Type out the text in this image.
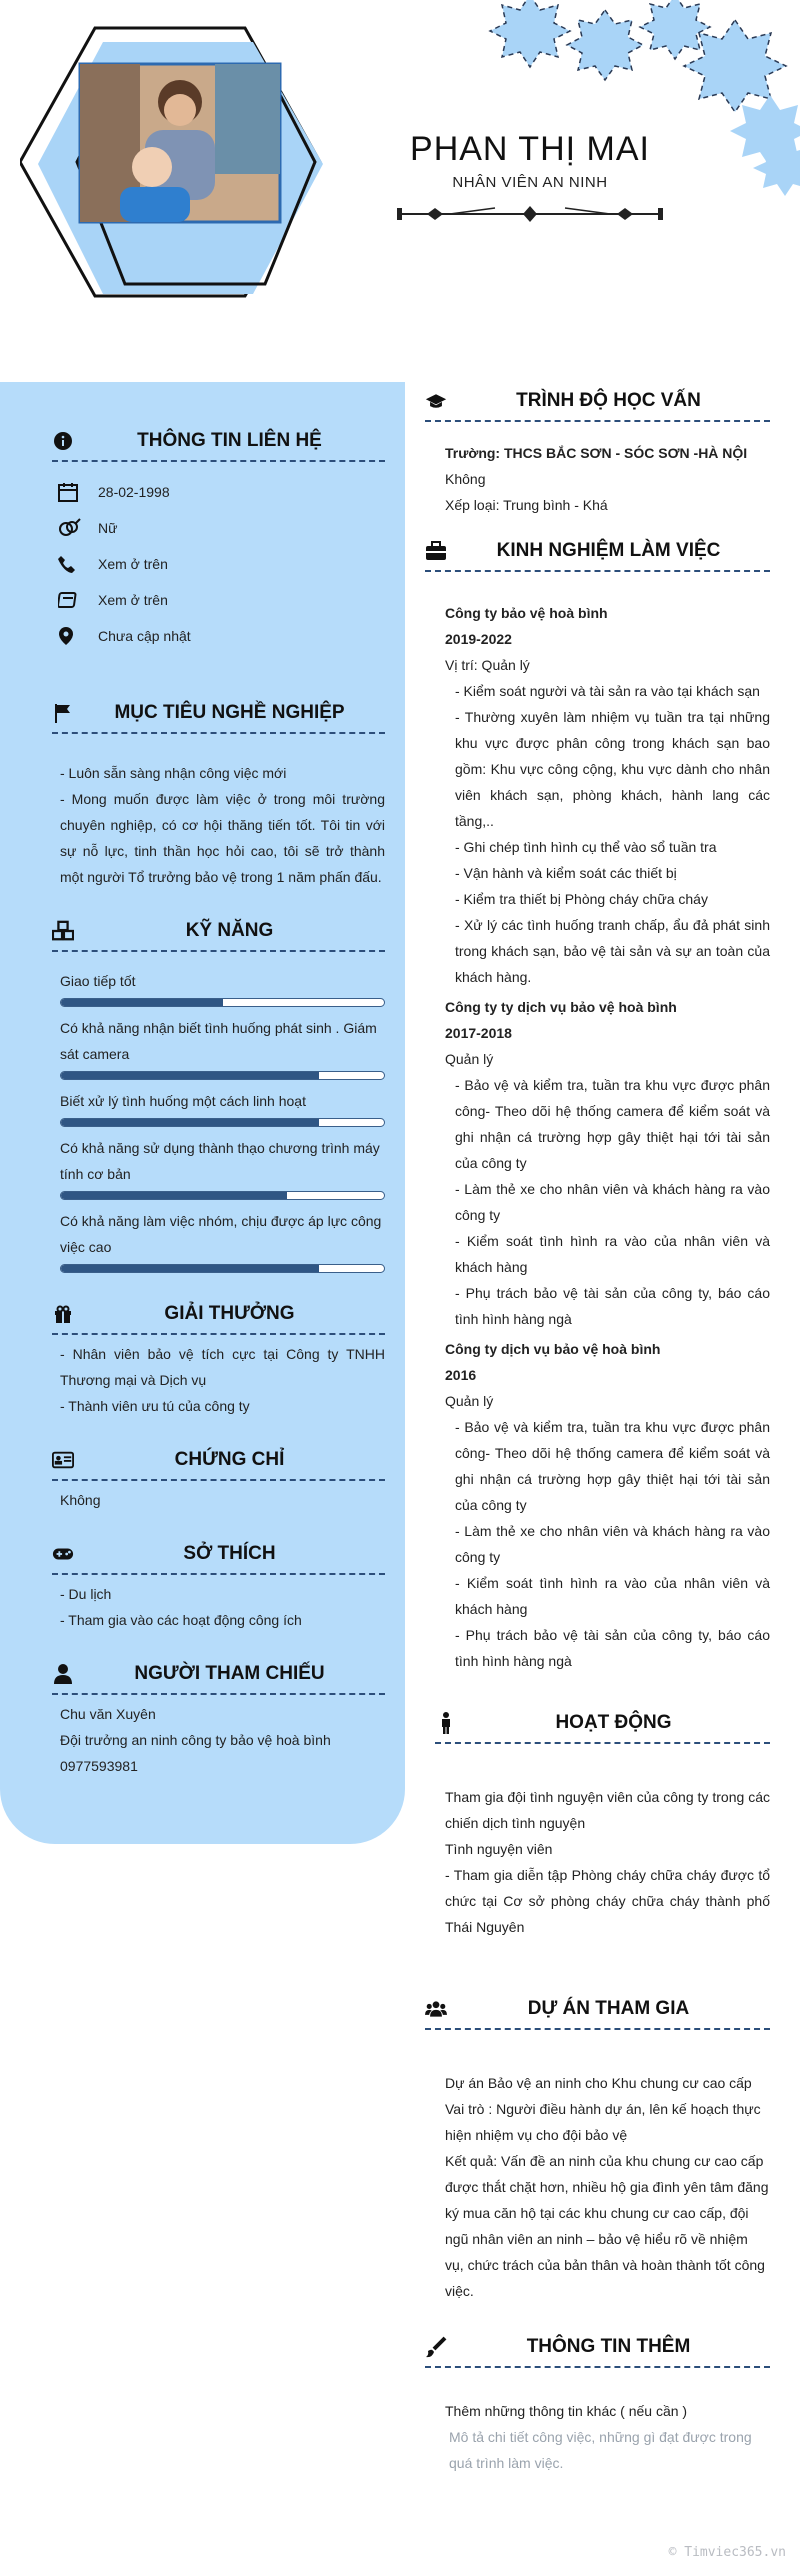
PHAN THỊ MAI
NHÂN VIÊN AN NINH
THÔNG TIN LIÊN HỆ
28-02-1998
Nữ
Xem ở trên
Xem ở trên
Chưa cập nhật
MỤC TIÊU NGHỀ NGHIỆP
- Luôn sẵn sàng nhận công việc mới
- Mong muốn được làm việc ở trong môi trường chuyên nghiệp, có cơ hội thăng tiến tốt. Tôi tin với sự nỗ lực, tinh thần học hỏi cao, tôi sẽ trở thành một người Tổ trưởng bảo vệ trong 1 năm phấn đấu.
KỸ NĂNG
Giao tiếp tốt
Có khả năng nhận biết tình huống phát sinh . Giám sát camera
Biết xử lý tình huống một cách linh hoạt
Có khả năng sử dụng thành thạo chương trình máy tính cơ bản
Có khả năng làm việc nhóm, chịu được áp lực công việc cao
GIẢI THƯỞNG
- Nhân viên bảo vệ tích cực tại Công ty TNHH Thương mại và Dịch vụ
- Thành viên ưu tú của công ty
CHỨNG CHỈ
Không
SỞ THÍCH
- Du lịch
- Tham gia vào các hoạt động công ích
NGƯỜI THAM CHIẾU
Chu văn Xuyên
Đội trưởng an ninh công ty bảo vệ hoà bình
0977593981
TRÌNH ĐỘ HỌC VẤN
Trường: THCS BẮC SƠN - SÓC SƠN -HÀ NỘI
Không
Xếp loại: Trung bình - Khá
KINH NGHIỆM LÀM VIỆC
Công ty bảo vệ hoà bình
2019-2022
Vị trí: Quản lý
- Kiểm soát người và tài sản ra vào tại khách sạn
- Thường xuyên làm nhiệm vụ tuần tra tại những khu vực được phân công trong khách sạn bao gồm: Khu vực công cộng, khu vực dành cho nhân viên khách sạn, phòng khách, hành lang các tầng,..
- Ghi chép tình hình cụ thể vào sổ tuần tra
- Vận hành và kiểm soát các thiết bị
- Kiểm tra thiết bị Phòng cháy chữa cháy
- Xử lý các tình huống tranh chấp, ẩu đả phát sinh trong khách sạn, bảo vệ tài sản và sự an toàn của khách hàng.
Công ty ty dịch vụ bảo vệ hoà bình
2017-2018
Quản lý
- Bảo vệ và kiểm tra, tuần tra khu vực được phân công- Theo dõi hệ thống camera để kiểm soát và ghi nhận cá trường hợp gây thiệt hại tới tài sản của công ty
- Làm thẻ xe cho nhân viên và khách hàng ra vào công ty
- Kiểm soát tình hình ra vào của nhân viên và khách hàng
- Phụ trách bảo vệ tài sản của công ty, báo cáo tình hình hàng ngà
Công ty dịch vụ bảo vệ hoà bình
2016
Quản lý
- Bảo vệ và kiểm tra, tuần tra khu vực được phân công- Theo dõi hệ thống camera để kiểm soát và ghi nhận cá trường hợp gây thiệt hại tới tài sản của công ty
- Làm thẻ xe cho nhân viên và khách hàng ra vào công ty
- Kiểm soát tình hình ra vào của nhân viên và khách hàng
- Phụ trách bảo vệ tài sản của công ty, báo cáo tình hình hàng ngà
HOẠT ĐỘNG
Tham gia đội tình nguyện viên của công ty trong các chiến dịch tình nguyện
Tình nguyện viên
- Tham gia diễn tập Phòng cháy chữa cháy được tổ chức tại Cơ sở phòng cháy chữa cháy thành phố Thái Nguyên
DỰ ÁN THAM GIA
Dự án Bảo vệ an ninh cho Khu chung cư cao cấp
Vai trò : Người điều hành dự án, lên kế hoạch thực hiện nhiệm vụ cho đội bảo vệ
Kết quả: Vấn đề an ninh của khu chung cư cao cấp được thắt chặt hơn, nhiều hộ gia đình yên tâm đăng ký mua căn hộ tại các khu chung cư cao cấp, đội ngũ nhân viên an ninh – bảo vệ hiểu rõ về nhiệm vụ, chức trách của bản thân và hoàn thành tốt công việc.
THÔNG TIN THÊM
Thêm những thông tin khác ( nếu cần )
Mô tả chi tiết công việc, những gì đạt được trong quá trình làm việc.
© Timviec365.vn
